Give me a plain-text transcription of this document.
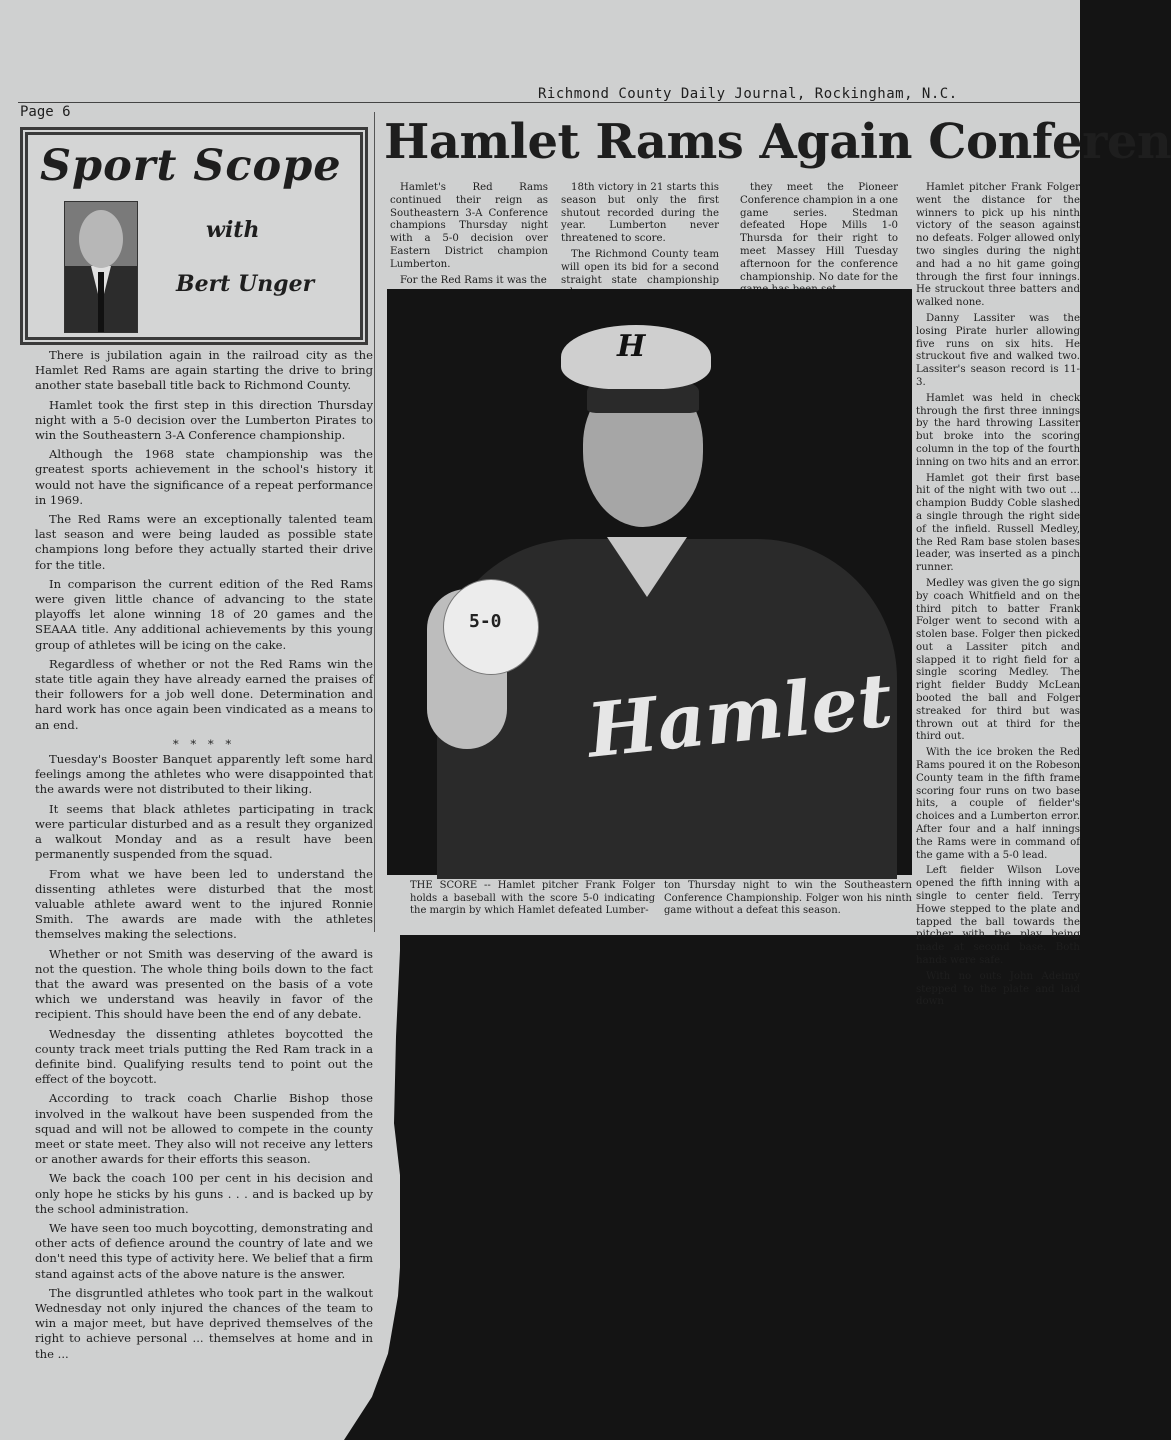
Page 6
Richmond County Daily Journal, Rockingham, N.C.
Sport Scope
with
Bert Unger

There is jubilation again in the railroad city as the Hamlet Red Rams are again starting the drive to bring another state baseball title back to Richmond County.

Hamlet took the first step in this direction Thursday night with a 5-0 decision over the Lumberton Pirates to win the Southeastern 3-A Conference championship.

Although the 1968 state championship was the greatest sports achievement in the school's history it would not have the significance of a repeat performance in 1969.

The Red Rams were an exceptionally talented team last season and were being lauded as possible state champions long before they actually started their drive for the title.

In comparison the current edition of the Red Rams were given little chance of advancing to the state playoffs let alone winning 18 of 20 games and the SEAAA title. Any additional achievements by this young group of athletes will be icing on the cake.

Regardless of whether or not the Red Rams win the state title again they have already earned the praises of their followers for a job well done. Determination and hard work has once again been vindicated as a means to an end.

* * * *

Tuesday's Booster Banquet apparently left some hard feelings among the athletes who were disappointed that the awards were not distributed to their liking.

It seems that black athletes participating in track were particular disturbed and as a result they organized a walkout Monday and as a result have been permanently suspended from the squad.

From what we have been led to understand the dissenting athletes were disturbed that the most valuable athlete award went to the injured Ronnie Smith. The awards are made with the athletes themselves making the selections.

Whether or not Smith was deserving of the award is not the question. The whole thing boils down to the fact that the award was presented on the basis of a vote which we understand was heavily in favor of the recipient. This should have been the end of any debate.

Wednesday the dissenting athletes boycotted the county track meet trials putting the Red Ram track in a definite bind. Qualifying results tend to point out the effect of the boycott.

According to track coach Charlie Bishop those involved in the walkout have been suspended from the squad and will not be allowed to compete in the county meet or state meet. They also will not receive any letters or another awards for their efforts this season.

We back the coach 100 per cent in his decision and only hope he sticks by his guns . . . and is backed up by the school administration.

We have seen too much boycotting, demonstrating and other acts of defience around the country of late and we don't need this type of activity here. We belief that a firm stand against acts of the above nature is the answer.

The disgruntled athletes who took part in the walkout Wednesday not only injured the chances of the team to win a major meet, but have deprived themselves of the right to achieve personal ... themselves at home and in the ...

Hamlet Rams Again Conferen

Hamlet's Red Rams continued their reign as Southeastern 3-A Conference champions Thursday night with a 5-0 decision over Eastern District champion Lumberton.

For the Red Rams it was the

18th victory in 21 starts this season but only the first shutout recorded during the year. Lumberton never threatened to score.

The Richmond County team will open its bid for a second straight state championship

they meet the Pioneer Conference champion in a one game series. Stedman defeated Hope Mills 1-0 Thursda for their right to meet Massey Hill Tuesday afternoon for the conference championship. No date for the

Hamlet pitcher Frank Folger went the distance for the winners to pick up his ninth victory of the season against no defeats. Folger allowed only two singles during the night and had a no hit game going through the first four innings. He struckout three batters and walked none.

Danny Lassiter was the losing Pirate hurler allowing five runs on six hits. He struckout five and walked two. Lassiter's season record is 11-3.

Hamlet was held in check through the first three innings by the hard throwing Lassiter but broke into the scoring column in the top of the fourth inning on two hits and an error.

Hamlet got their first base hit of the night with two out ... champion Buddy Coble slashed a single through the right side of the infield. Russell Medley, the Red Ram base stolen bases leader, was inserted as a pinch runner.

Medley was given the go sign by coach Whitfield and on the third pitch to batter Frank Folger went to second with a stolen base. Folger then picked out a Lassiter pitch and slapped it to right field for a single scoring Medley. The right fielder Buddy McLean booted the ball and Folger streaked for third but was thrown out at third for the third out.

With the ice broken the Red Rams poured it on the Robeson County team in the fifth frame scoring four runs on two base hits, a couple of fielder's choices and a Lumberton error. After four and a half innings the Rams were in command of the game with a 5-0 lead.

Left fielder Wilson Love opened the fifth inning with a single to center field. Terry Howe stepped to the plate and tapped the ball towards the pitcher with the play being made at second base. Both hands were safe.

With no outs John Adeimy stepped to the plate and laid down

H
Hamlet
5-0
THE SCORE -- Hamlet pitcher Frank Folger holds a baseball with the score 5-0 indicating the margin by which Hamlet defeated Lumber-
ton Thursday night to win the Southeastern Conference Championship. Folger won his ninth game without a defeat this season.
